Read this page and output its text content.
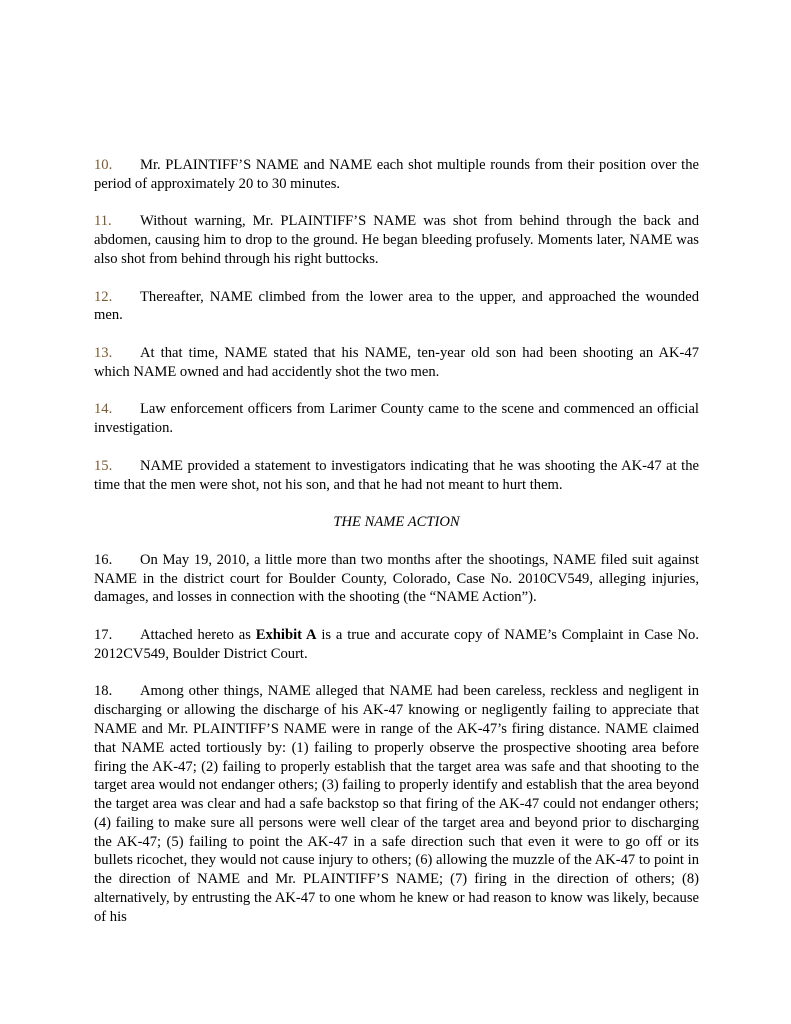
10. Mr. PLAINTIFF’S NAME and NAME each shot multiple rounds from their position over the period of approximately 20 to 30 minutes.

11. Without warning, Mr. PLAINTIFF’S NAME was shot from behind through the back and abdomen, causing him to drop to the ground. He began bleeding profusely. Moments later, NAME was also shot from behind through his right buttocks.

12. Thereafter, NAME climbed from the lower area to the upper, and approached the wounded men.

13. At that time, NAME stated that his NAME, ten-year old son had been shooting an AK-47 which NAME owned and had accidently shot the two men.

14. Law enforcement officers from Larimer County came to the scene and commenced an official investigation.

15. NAME provided a statement to investigators indicating that he was shooting the AK-47 at the time that the men were shot, not his son, and that he had not meant to hurt them.

THE NAME ACTION

16. On May 19, 2010, a little more than two months after the shootings, NAME filed suit against NAME in the district court for Boulder County, Colorado, Case No. 2010CV549, alleging injuries, damages, and losses in connection with the shooting (the “NAME Action”).

17. Attached hereto as Exhibit A is a true and accurate copy of NAME’s Complaint in Case No. 2012CV549, Boulder District Court.

18. Among other things, NAME alleged that NAME had been careless, reckless and negligent in discharging or allowing the discharge of his AK-47 knowing or negligently failing to appreciate that NAME and Mr. PLAINTIFF’S NAME were in range of the AK-47’s firing distance. NAME claimed that NAME acted tortiously by: (1) failing to properly observe the prospective shooting area before firing the AK-47; (2) failing to properly establish that the target area was safe and that shooting to the target area would not endanger others; (3) failing to properly identify and establish that the area beyond the target area was clear and had a safe backstop so that firing of the AK-47 could not endanger others; (4) failing to make sure all persons were well clear of the target area and beyond prior to discharging the AK-47; (5) failing to point the AK-47 in a safe direction such that even it were to go off or its bullets ricochet, they would not cause injury to others; (6) allowing the muzzle of the AK-47 to point in the direction of NAME and Mr. PLAINTIFF’S NAME; (7) firing in the direction of others; (8) alternatively, by entrusting the AK-47 to one whom he knew or had reason to know was likely, because of his
